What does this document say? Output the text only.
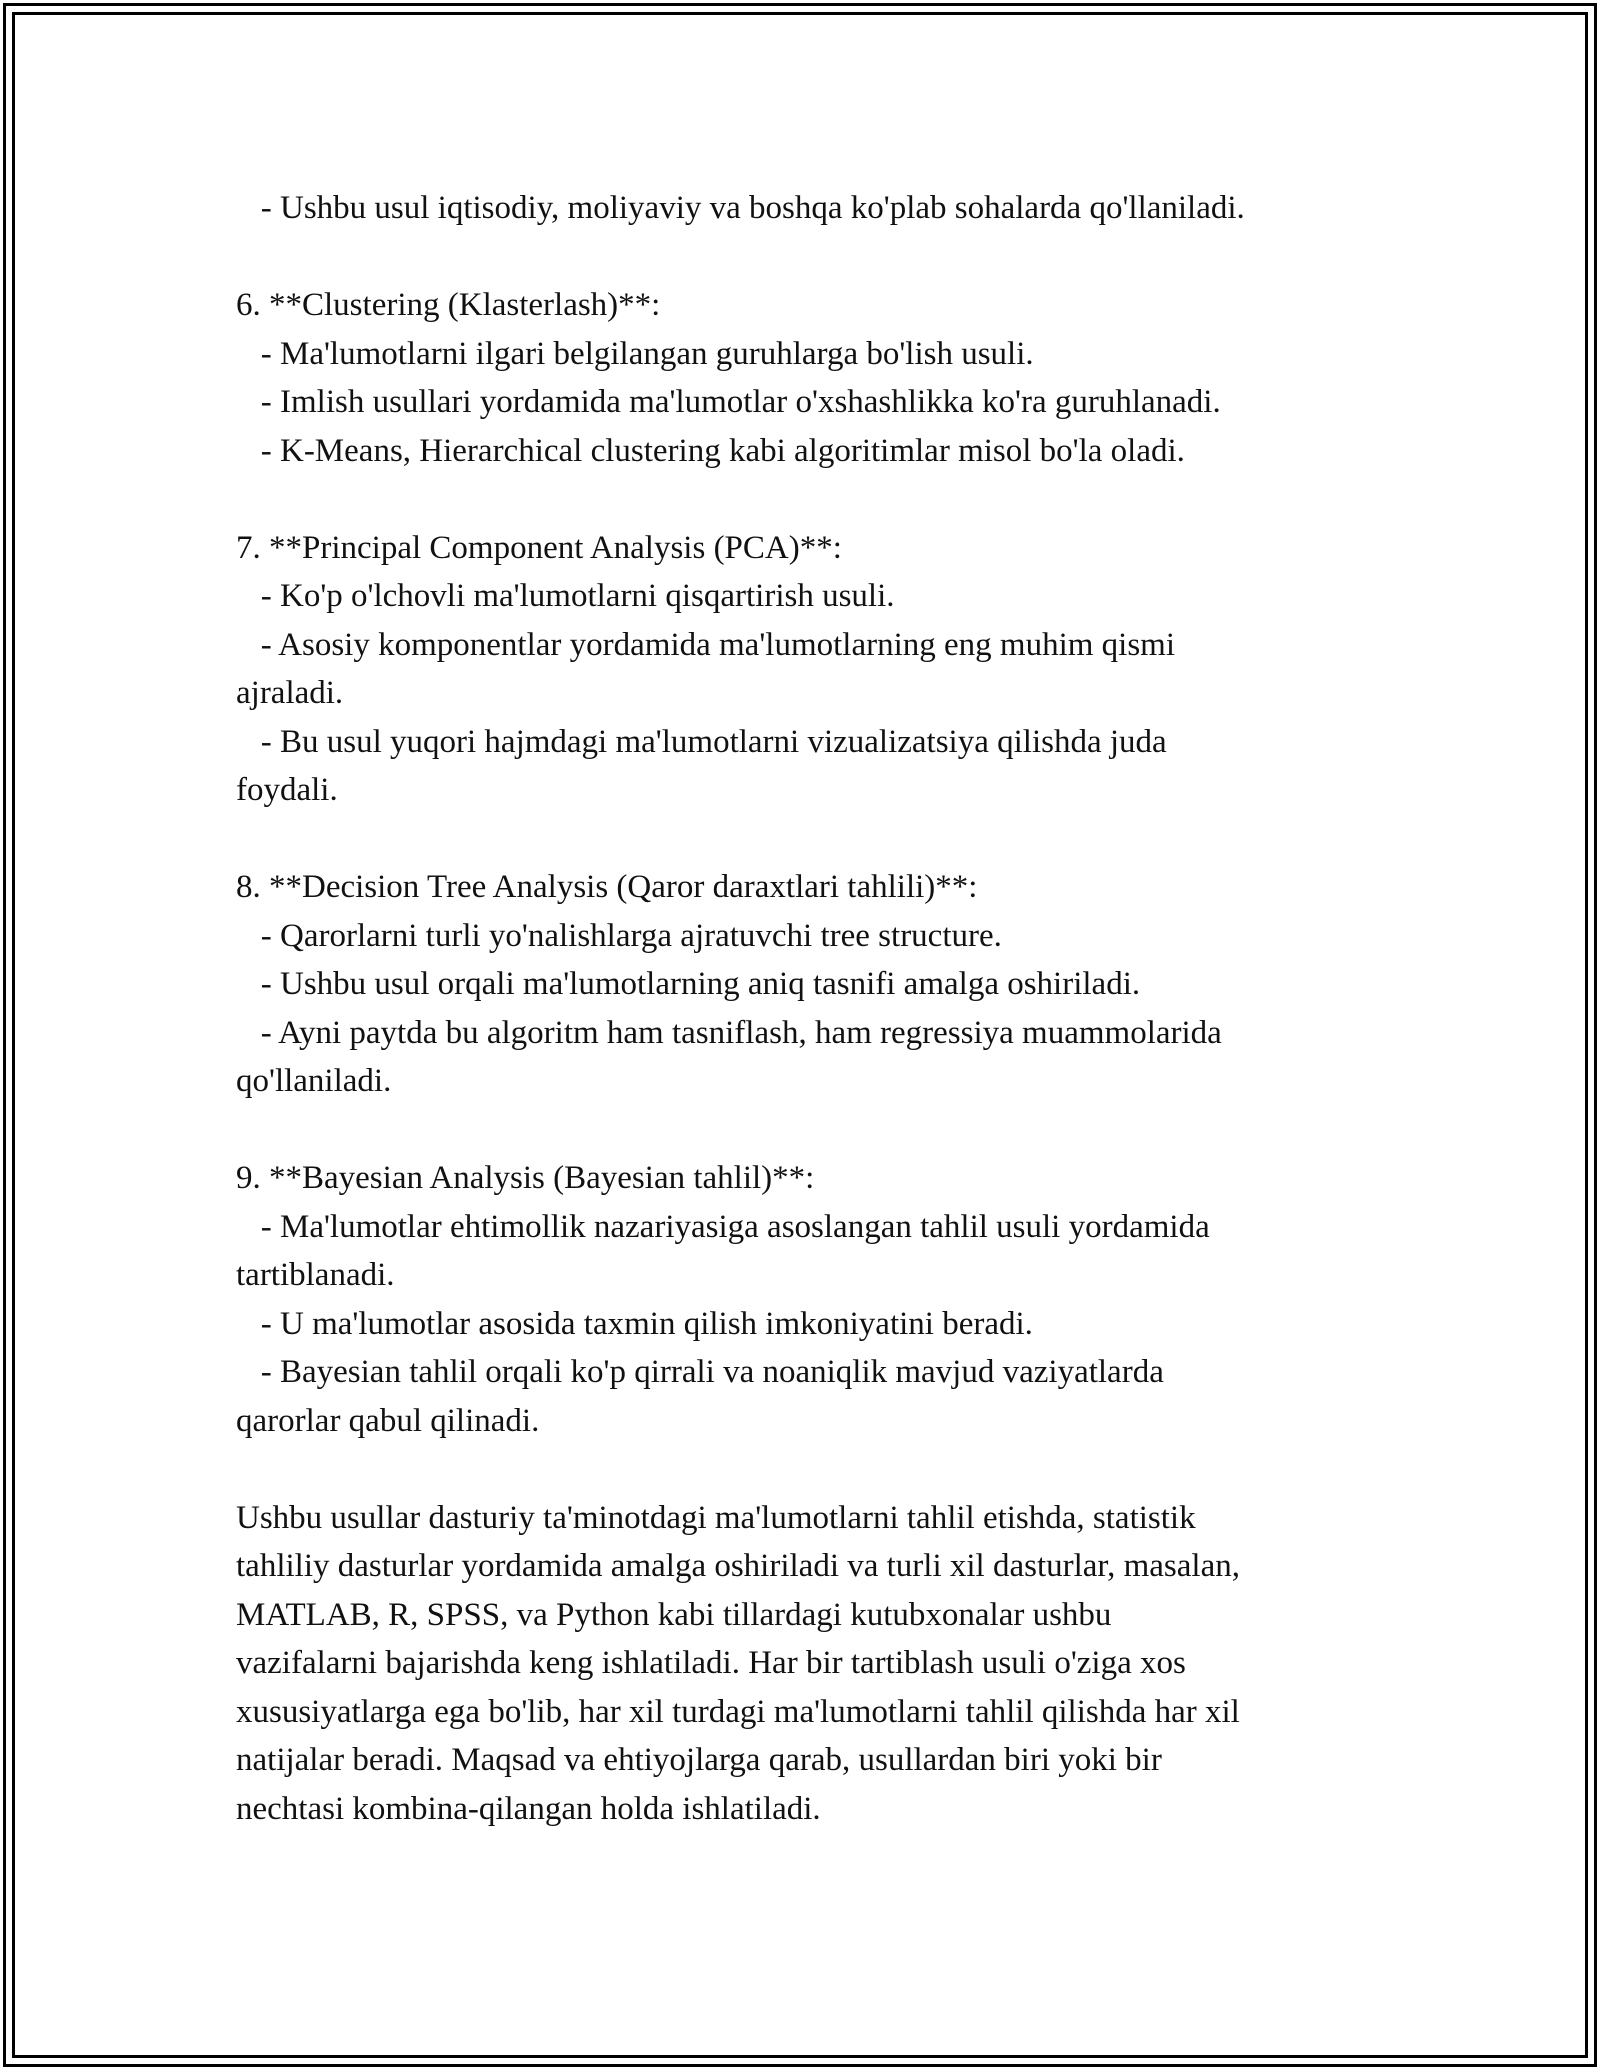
- Ushbu usul iqtisodiy, moliyaviy va boshqa ko'plab sohalarda qo'llaniladi.
6. **Clustering (Klasterlash)**:
- Ma'lumotlarni ilgari belgilangan guruhlarga bo'lish usuli.
- Imlish usullari yordamida ma'lumotlar o'xshashlikka ko'ra guruhlanadi.
- K-Means, Hierarchical clustering kabi algoritimlar misol bo'la oladi.
7. **Principal Component Analysis (PCA)**:
- Ko'p o'lchovli ma'lumotlarni qisqartirish usuli.
- Asosiy komponentlar yordamida ma'lumotlarning eng muhim qismi
ajraladi.
- Bu usul yuqori hajmdagi ma'lumotlarni vizualizatsiya qilishda juda
foydali.
8. **Decision Tree Analysis (Qaror daraxtlari tahlili)**:
- Qarorlarni turli yo'nalishlarga ajratuvchi tree structure.
- Ushbu usul orqali ma'lumotlarning aniq tasnifi amalga oshiriladi.
- Ayni paytda bu algoritm ham tasniflash, ham regressiya muammolarida
qo'llaniladi.
9. **Bayesian Analysis (Bayesian tahlil)**:
- Ma'lumotlar ehtimollik nazariyasiga asoslangan tahlil usuli yordamida
tartiblanadi.
- U ma'lumotlar asosida taxmin qilish imkoniyatini beradi.
- Bayesian tahlil orqali ko'p qirrali va noaniqlik mavjud vaziyatlarda
qarorlar qabul qilinadi.
Ushbu usullar dasturiy ta'minotdagi ma'lumotlarni tahlil etishda, statistik
tahliliy dasturlar yordamida amalga oshiriladi va turli xil dasturlar, masalan,
MATLAB, R, SPSS, va Python kabi tillardagi kutubxonalar ushbu
vazifalarni bajarishda keng ishlatiladi. Har bir tartiblash usuli o'ziga xos
xususiyatlarga ega bo'lib, har xil turdagi ma'lumotlarni tahlil qilishda har xil
natijalar beradi. Maqsad va ehtiyojlarga qarab, usullardan biri yoki bir
nechtasi kombina-qilangan holda ishlatiladi.
